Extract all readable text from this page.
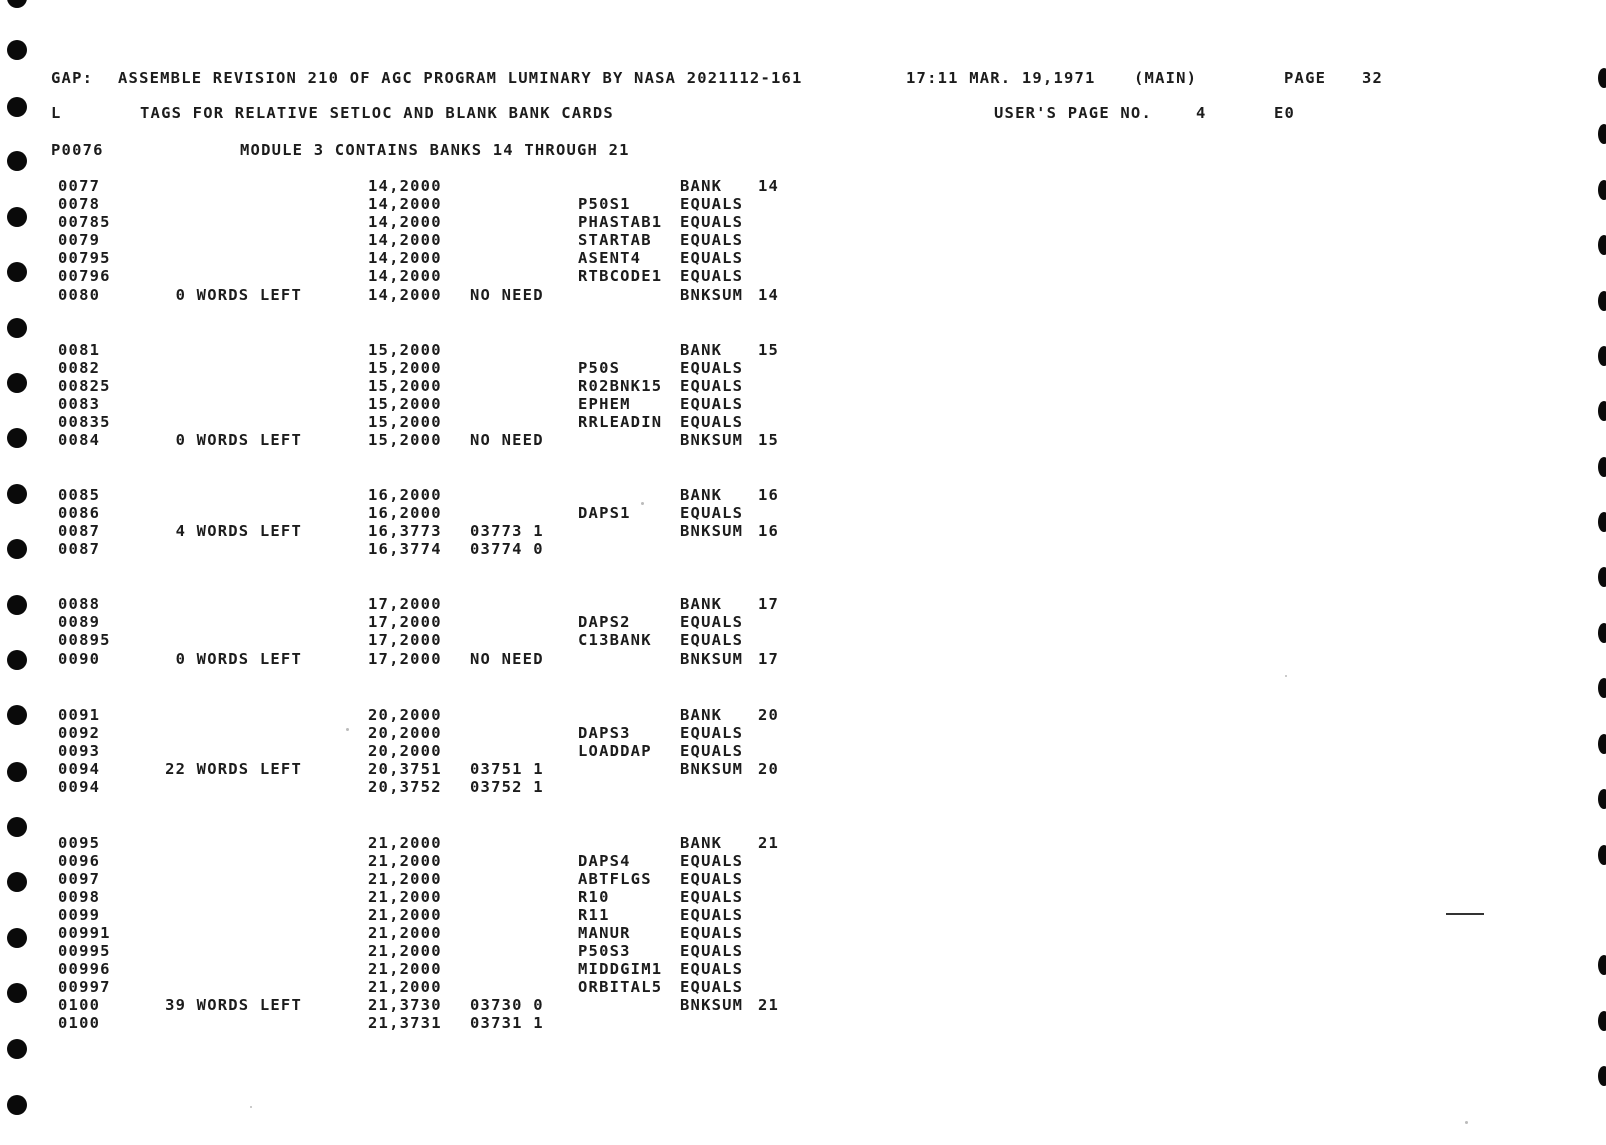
GAP: ASSEMBLE REVISION 210 OF AGC PROGRAM LUMINARY BY NASA 2021112-161	17:11 MAR. 19,1971 (MAIN)	PAGE 32
L	TAGS FOR RELATIVE SETLOC AND BLANK BANK CARDS	USER'S PAGE NO.	4	E0
P0076	MODULE 3 CONTAINS BANKS 14 THROUGH 21
0077	14,2000	BANK 14
0078	14,2000	P50S1	EQUALS
00785	14,2000	PHASTAB1 EQUALS
0079	14,2000	STARTAB EQUALS
00795	14,2000	ASENT4	EQUALS
00796	14,2000	RTBCODE1 EQUALS
0080	0 WORDS LEFT	14,2000 NO NEED	BNKSUM 14
0081	15,2000	BANK 15
0082	15,2000	P50S	EQUALS
00825	15,2000	R02BNK15 EQUALS
0083	15,2000	EPHEM	EQUALS
00835	15,2000	RRLEADIN EQUALS
0084	0 WORDS LEFT	15,2000 NO NEED	BNKSUM 15
0085	16,2000	BANK 16
0086	16,2000	DAPS1	EQUALS
0087	4 WORDS LEFT	16,3773 03773 1	BNKSUM 16
0087	16,3774 03774 0
0088	17,2000	BANK 17
0089	17,2000	DAPS2	EQUALS
00895	17,2000	C13BANK EQUALS
0090	0 WORDS LEFT	17,2000 NO NEED	BNKSUM 17
0091	20,2000	BANK 20
0092	20,2000	DAPS3	EQUALS
0093	20,2000	LOADDAP EQUALS
0094	22 WORDS LEFT	20,3751 03751 1	BNKSUM 20
0094	20,3752 03752 1
0095	21,2000	BANK 21
0096	21,2000	DAPS4	EQUALS
0097	21,2000	ABTFLGS EQUALS
0098	21,2000	R10	EQUALS
0099	21,2000	R11	EQUALS
00991	21,2000	MANUR	EQUALS
00995	21,2000	P50S3	EQUALS
00996	21,2000	MIDDGIM1 EQUALS
00997	21,2000	ORBITAL5 EQUALS
0100	39 WORDS LEFT	21,3730 03730 0	BNKSUM 21
0100	21,3731 03731 1
